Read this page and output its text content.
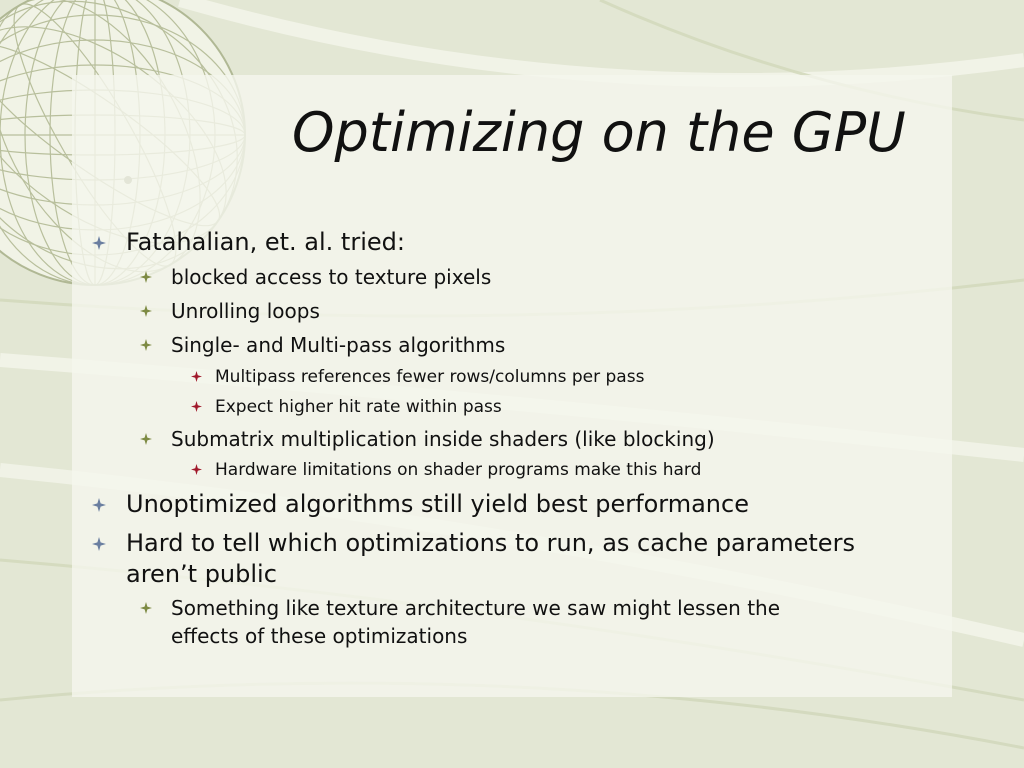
Optimizing on the GPU

Fatahalian, et. al. tried:

blocked access to texture pixels

Unrolling loops

Single- and Multi-pass algorithms

Multipass references fewer rows/columns per pass

Expect higher hit rate within pass

Submatrix multiplication inside shaders (like blocking)

Hardware limitations on shader programs make this hard

Unoptimized algorithms still yield best performance

Hard to tell which optimizations to run, as cache parameters

aren’t public

Something like texture architecture we saw might lessen the

effects of these optimizations
